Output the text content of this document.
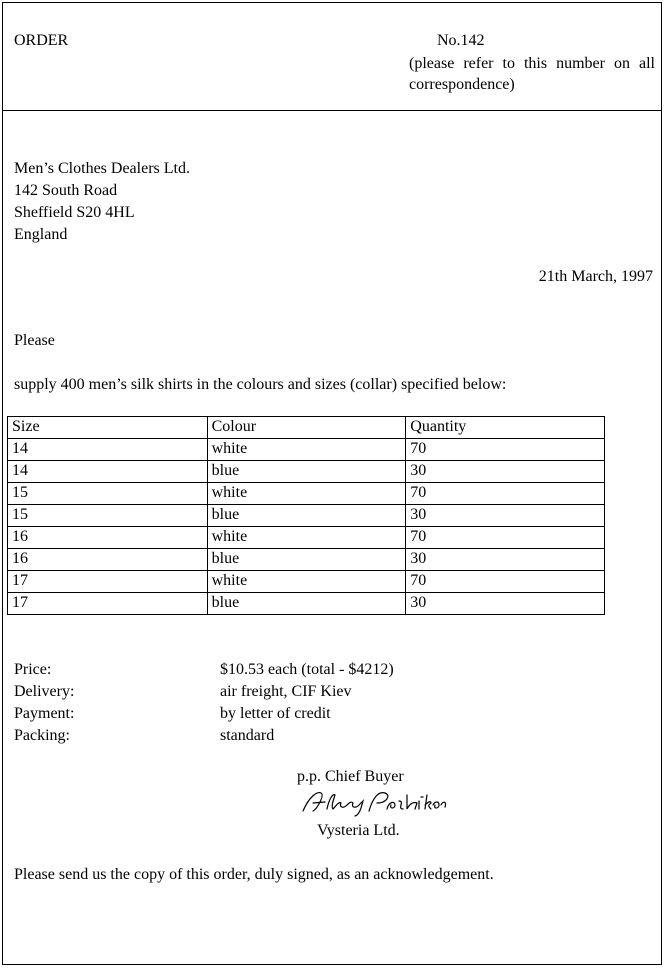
ORDER	No.142
(please refer to this number on all correspondence)
Men’s Clothes Dealers Ltd.
142 South Road
Sheffield S20 4HL
England
21th March, 1997
Please
supply 400 men’s silk shirts in the colours and sizes (collar) specified below:
Size	Colour	Quantity
14	white	70
14	blue	30
15	white	70
15	blue	30
16	white	70
16	blue	30
17	white	70
17	blue	30
Price:	$10.53 each (total - $4212)
Delivery:	air freight, CIF Kiev
Payment:	by letter of credit
Packing:	standard
p.p. Chief Buyer
Vysteria Ltd.
Please send us the copy of this order, duly signed, as an acknowledgement.
